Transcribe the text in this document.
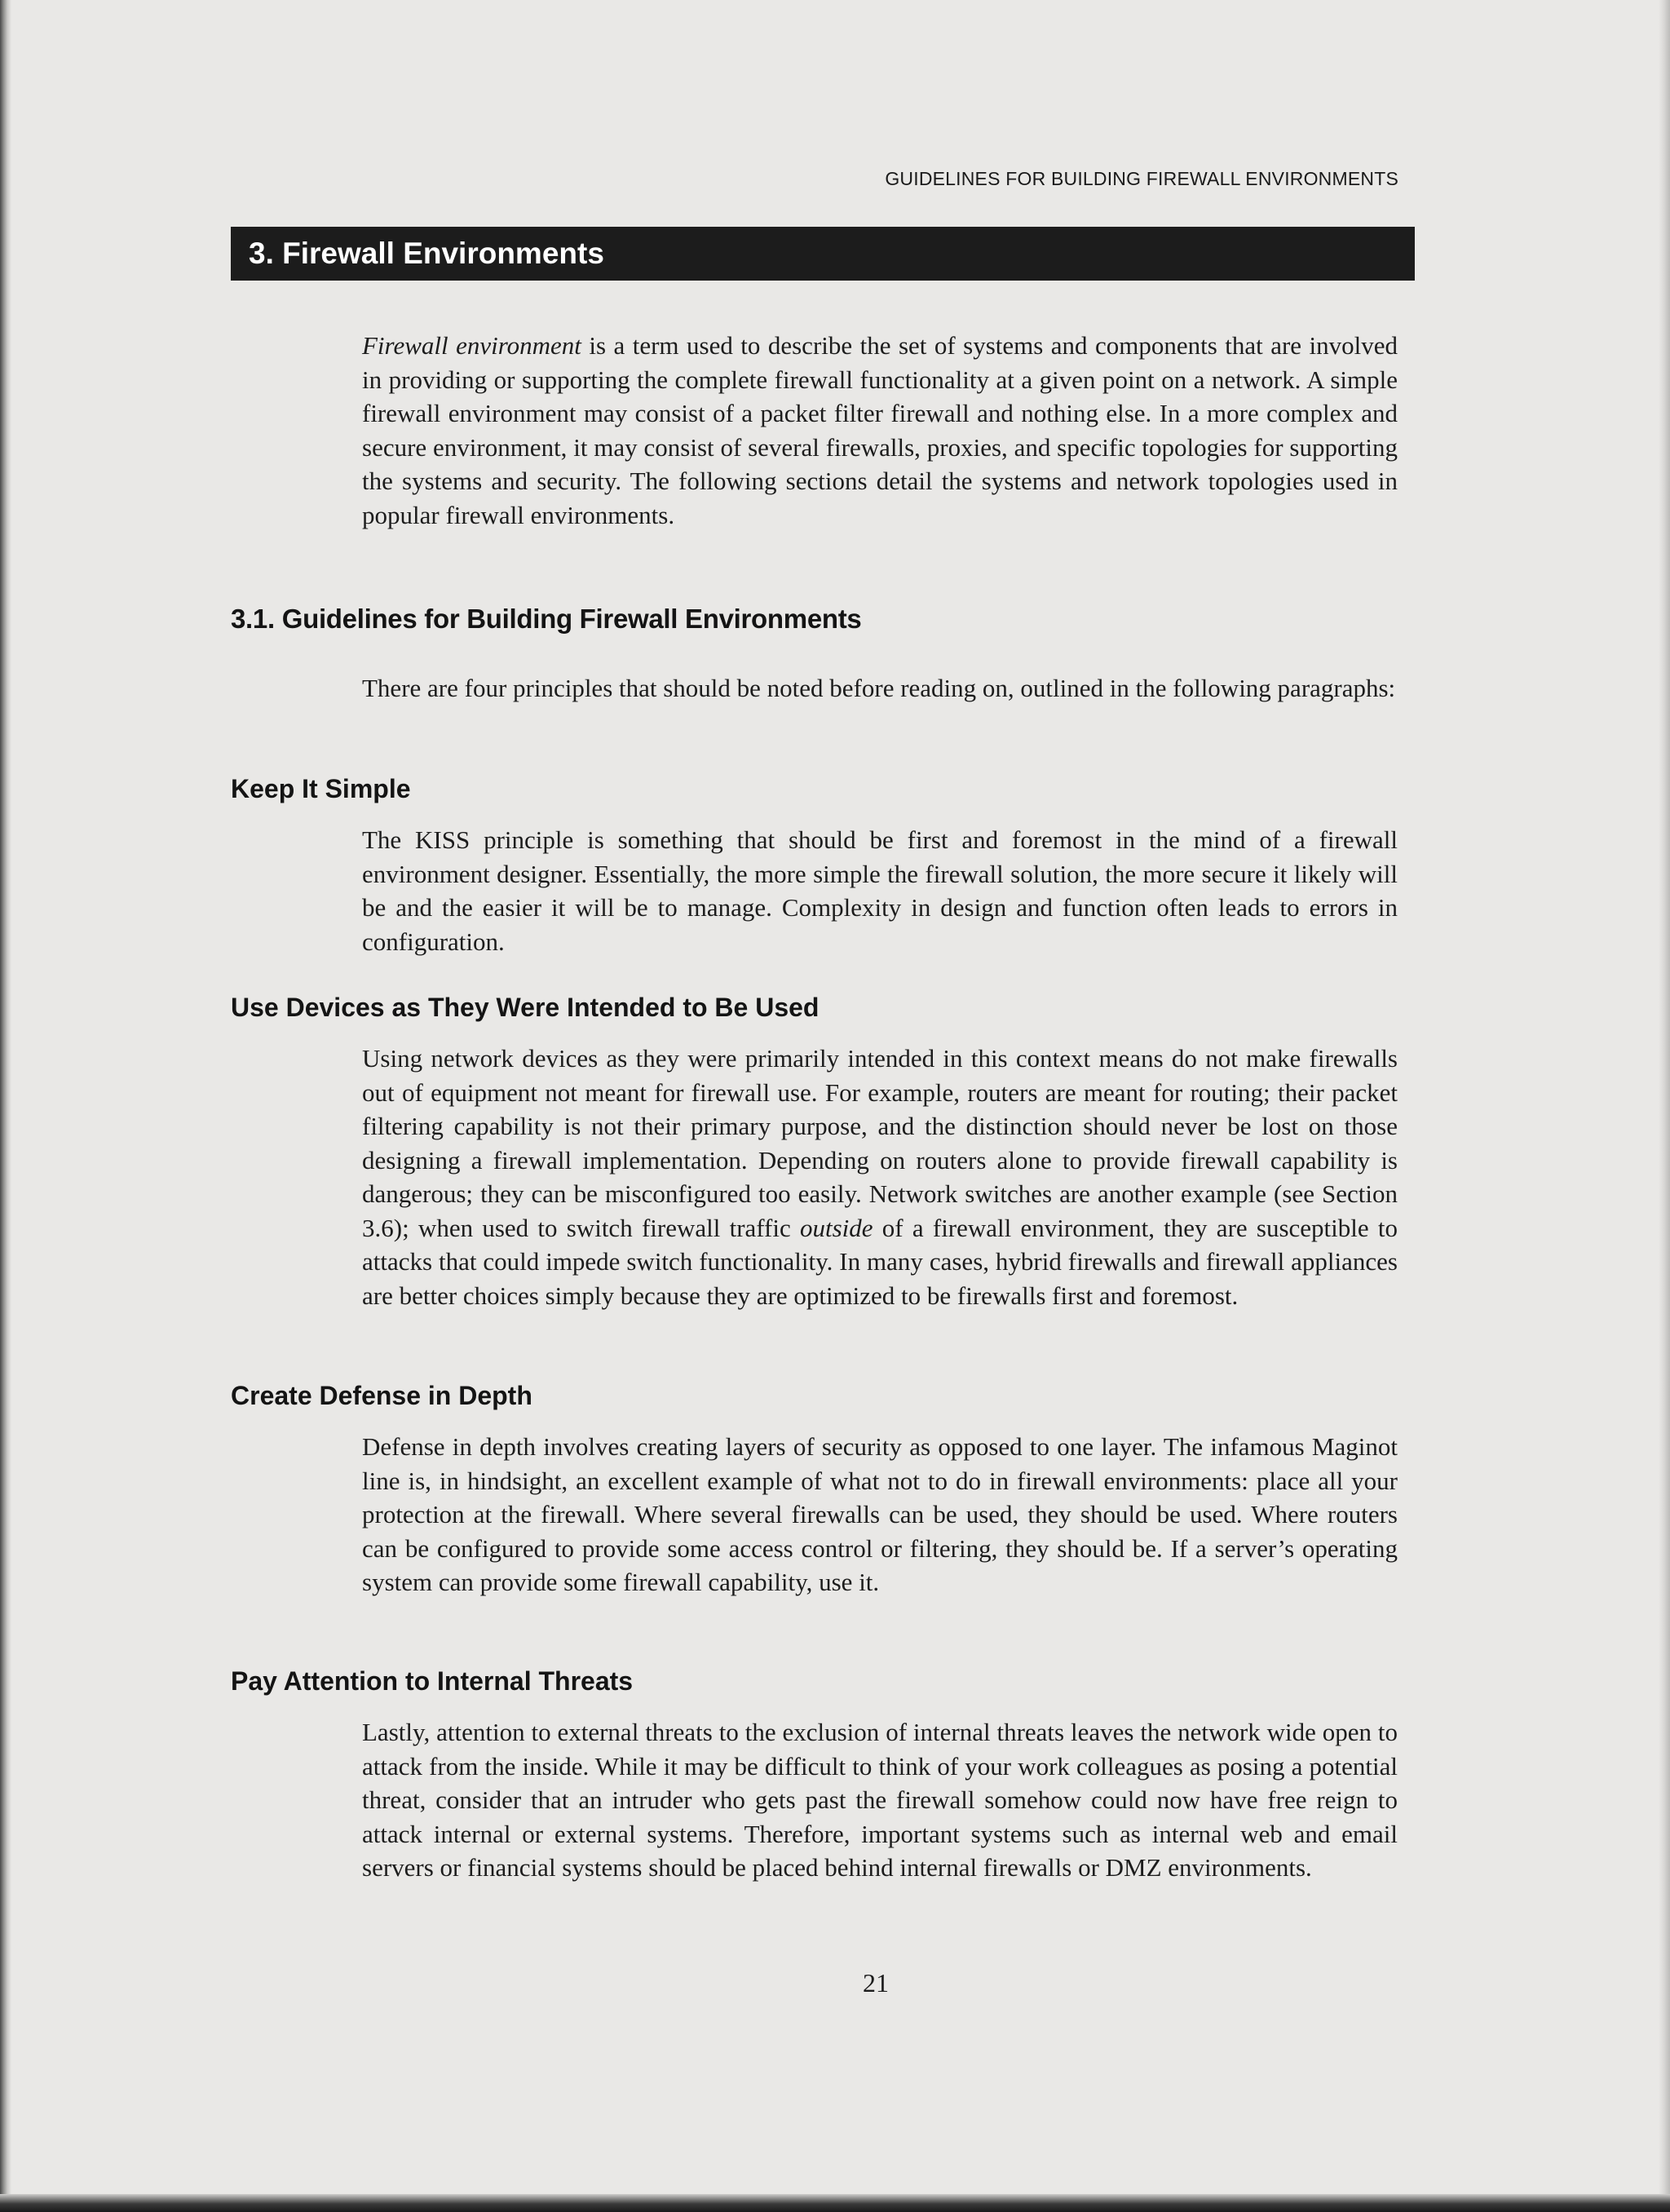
GUIDELINES FOR BUILDING FIREWALL ENVIRONMENTS
3. Firewall Environments

Firewall environment is a term used to describe the set of systems and components that are involved in providing or supporting the complete firewall functionality at a given point on a network. A simple firewall environment may consist of a packet filter firewall and nothing else. In a more complex and secure environment, it may consist of several firewalls, proxies, and specific topologies for supporting the systems and security. The following sections detail the systems and network topologies used in popular firewall environments.

3.1. Guidelines for Building Firewall Environments

There are four principles that should be noted before reading on, outlined in the following paragraphs:

Keep It Simple

The KISS principle is something that should be first and foremost in the mind of a firewall environment designer. Essentially, the more simple the firewall solution, the more secure it likely will be and the easier it will be to manage. Complexity in design and function often leads to errors in configuration.

Use Devices as They Were Intended to Be Used

Using network devices as they were primarily intended in this context means do not make firewalls out of equipment not meant for firewall use. For example, routers are meant for routing; their packet filtering capability is not their primary purpose, and the distinction should never be lost on those designing a firewall implementation. Depending on routers alone to provide firewall capability is dangerous; they can be misconfigured too easily. Network switches are another example (see Section 3.6); when used to switch firewall traffic outside of a firewall environment, they are susceptible to attacks that could impede switch functionality. In many cases, hybrid firewalls and firewall appliances are better choices simply because they are optimized to be firewalls first and foremost.

Create Defense in Depth

Defense in depth involves creating layers of security as opposed to one layer. The infamous Maginot line is, in hindsight, an excellent example of what not to do in firewall environments: place all your protection at the firewall. Where several firewalls can be used, they should be used. Where routers can be configured to provide some access control or filtering, they should be. If a server’s operating system can provide some firewall capability, use it.

Pay Attention to Internal Threats

Lastly, attention to external threats to the exclusion of internal threats leaves the network wide open to attack from the inside. While it may be difficult to think of your work colleagues as posing a potential threat, consider that an intruder who gets past the firewall somehow could now have free reign to attack internal or external systems. Therefore, important systems such as internal web and email servers or financial systems should be placed behind internal firewalls or DMZ environments.

21
